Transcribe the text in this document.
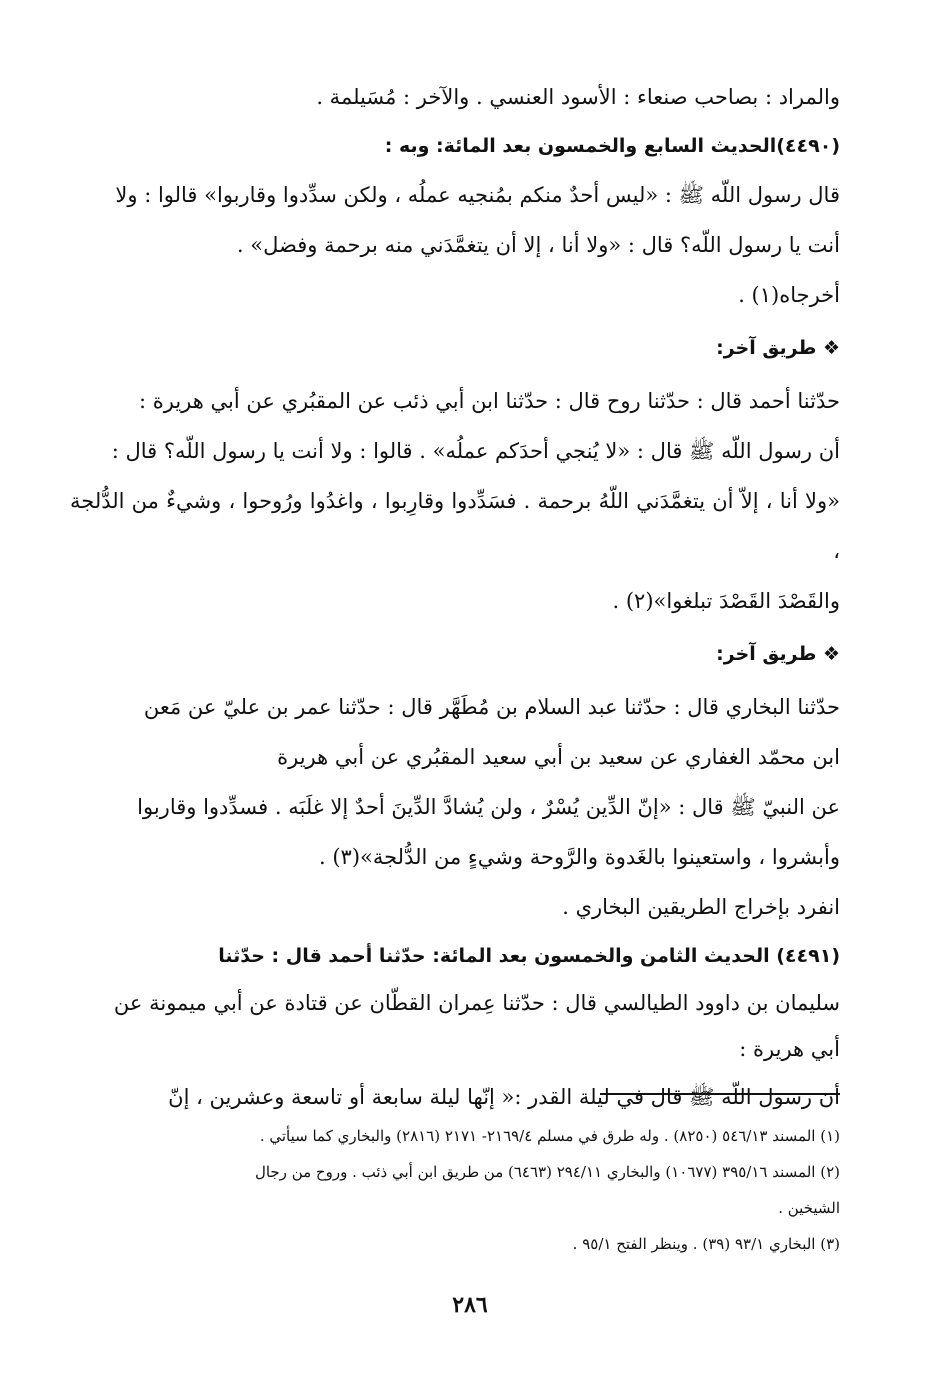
والمراد : بصاحب صنعاء : الأسود العنسي . والآخر : مُسَيلمة .

(٤٤٩٠)الحديث السابع والخمسون بعد المائة: وبه :

قال رسول اللّه ﷺ : «ليس أحدٌ منكم بمُنجيه عملُه ، ولكن سدِّدوا وقاربوا» قالوا : ولا

أنت يا رسول اللّه؟ قال : «ولا أنا ، إلا أن يتغمَّدَني منه برحمة وفضل» .

أخرجاه(١) .

❖ طريق آخر:

حدّثنا أحمد قال : حدّثنا روح قال : حدّثنا ابن أبي ذئب عن المقبُري عن أبي هريرة :

أن رسول اللّه ﷺ قال : «لا يُنجي أحدَكم عملُه» . قالوا : ولا أنت يا رسول اللّه؟ قال :

«ولا أنا ، إلاّ أن يتغمَّدَني اللّهُ برحمة . فسَدِّدوا وقارِبوا ، واغدُوا ورُوحوا ، وشيءٌ من الدُّلجة ،

والقَصْدَ القَصْدَ تبلغوا»(٢) .

❖ طريق آخر:

حدّثنا البخاري قال : حدّثنا عبد السلام بن مُطَهَّر قال : حدّثنا عمر بن عليّ عن مَعن

ابن محمّد الغفاري عن سعيد بن أبي سعيد المقبُري عن أبي هريرة

عن النبيّ ﷺ قال : «إنّ الدِّين يُسْرٌ ، ولن يُشادَّ الدِّينَ أحدٌ إلا غلَبَه . فسدِّدوا وقاربوا

وأبشروا ، واستعينوا بالغَدوة والرَّوحة وشيءٍ من الدُّلجة»(٣) .

انفرد بإخراج الطريقين البخاري .

(٤٤٩١) الحديث الثامن والخمسون بعد المائة: حدّثنا أحمد قال : حدّثنا

سليمان بن داوود الطيالسي قال : حدّثنا عِمران القطّان عن قتادة عن أبي ميمونة عن

أبي هريرة :

أن رسول اللّه ﷺ قال في ليلة القدر :« إنّها ليلة سابعة أو تاسعة وعشرين ، إنّ

(١) المسند ٥٤٦/١٣ (٨٢٥٠) . وله طرق في مسلم ٢١٦٩/٤- ٢١٧١ (٢٨١٦) والبخاري كما سيأتي .

(٢) المسند ٣٩٥/١٦ (١٠٦٧٧) والبخاري ٢٩٤/١١ (٦٤٦٣) من طريق ابن أبي ذئب . وروح من رجال

الشيخين .

(٣) البخاري ٩٣/١ (٣٩) . وينظر الفتح ٩٥/١ .

٢٨٦
